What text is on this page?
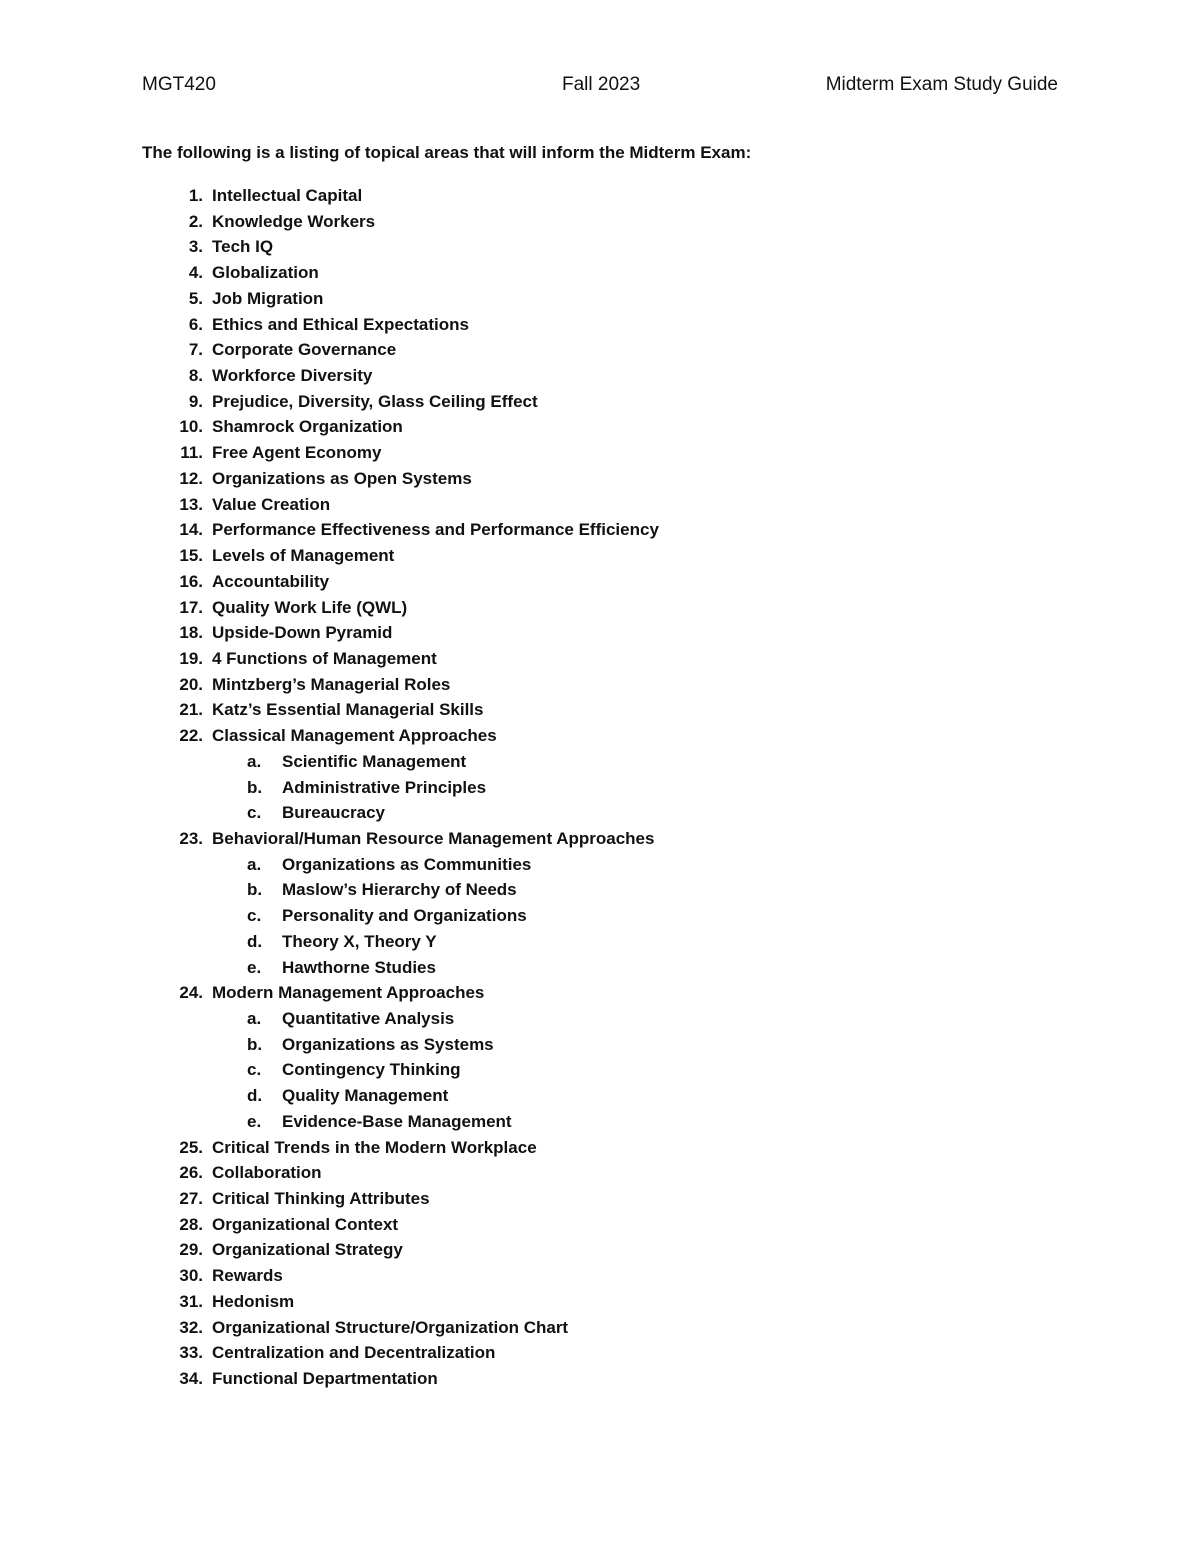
MGT420	Fall 2023	Midterm Exam Study Guide
The following is a listing of topical areas that will inform the Midterm Exam:
1. Intellectual Capital
2. Knowledge Workers
3. Tech IQ
4. Globalization
5. Job Migration
6. Ethics and Ethical Expectations
7. Corporate Governance
8. Workforce Diversity
9. Prejudice, Diversity, Glass Ceiling Effect
10. Shamrock Organization
11. Free Agent Economy
12. Organizations as Open Systems
13. Value Creation
14. Performance Effectiveness and Performance Efficiency
15. Levels of Management
16. Accountability
17. Quality Work Life (QWL)
18. Upside-Down Pyramid
19. 4 Functions of Management
20. Mintzberg’s Managerial Roles
21. Katz’s Essential Managerial Skills
22. Classical Management Approaches
a.	Scientific Management
b.	Administrative Principles
c.	Bureaucracy
23. Behavioral/Human Resource Management Approaches
a.	Organizations as Communities
b.	Maslow’s Hierarchy of Needs
c.	Personality and Organizations
d.	Theory X, Theory Y
e.	Hawthorne Studies
24. Modern Management Approaches
a.	Quantitative Analysis
b.	Organizations as Systems
c.	Contingency Thinking
d.	Quality Management
e.	Evidence-Base Management
25. Critical Trends in the Modern Workplace
26. Collaboration
27. Critical Thinking Attributes
28. Organizational Context
29. Organizational Strategy
30. Rewards
31. Hedonism
32. Organizational Structure/Organization Chart
33. Centralization and Decentralization
34. Functional Departmentation
